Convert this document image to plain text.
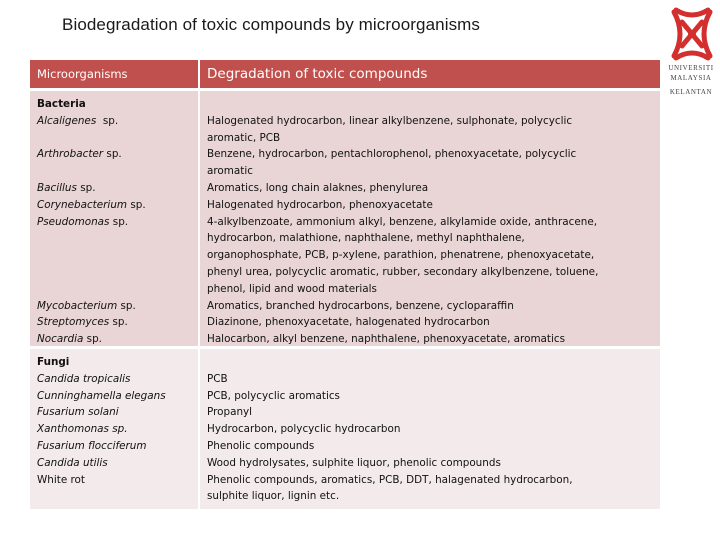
Biodegradation of toxic compounds by microorganisms
UNIVERSITI
MALAYSIA
KELANTAN
Microorganisms	Degradation of toxic compounds
Bacteria
Alcaligenes sp.
Arthrobacter sp.
Bacillus sp.
Corynebacterium sp.
Pseudomonas sp.
Mycobacterium sp.
Streptomyces sp.
Nocardia sp.
Halogenated hydrocarbon, linear alkylbenzene, sulphonate, polycyclic
aromatic, PCB
Benzene, hydrocarbon, pentachlorophenol, phenoxyacetate, polycyclic
aromatic
Aromatics, long chain alaknes, phenylurea
Halogenated hydrocarbon, phenoxyacetate
4-alkylbenzoate, ammonium alkyl, benzene, alkylamide oxide, anthracene,
hydrocarbon, malathione, naphthalene, methyl naphthalene,
organophosphate, PCB, p-xylene, parathion, phenatrene, phenoxyacetate,
phenyl urea, polycyclic aromatic, rubber, secondary alkylbenzene, toluene,
phenol, lipid and wood materials
Aromatics, branched hydrocarbons, benzene, cycloparaffin
Diazinone, phenoxyacetate, halogenated hydrocarbon
Halocarbon, alkyl benzene, naphthalene, phenoxyacetate, aromatics
Fungi
Candida tropicalis
Cunninghamella elegans
Fusarium solani
Xanthomonas sp.
Fusarium flocciferum
Candida utilis
White rot
PCB
PCB, polycyclic aromatics
Propanyl
Hydrocarbon, polycyclic hydrocarbon
Phenolic compounds
Wood hydrolysates, sulphite liquor, phenolic compounds
Phenolic compounds, aromatics, PCB, DDT, halagenated hydrocarbon,
sulphite liquor, lignin etc.
